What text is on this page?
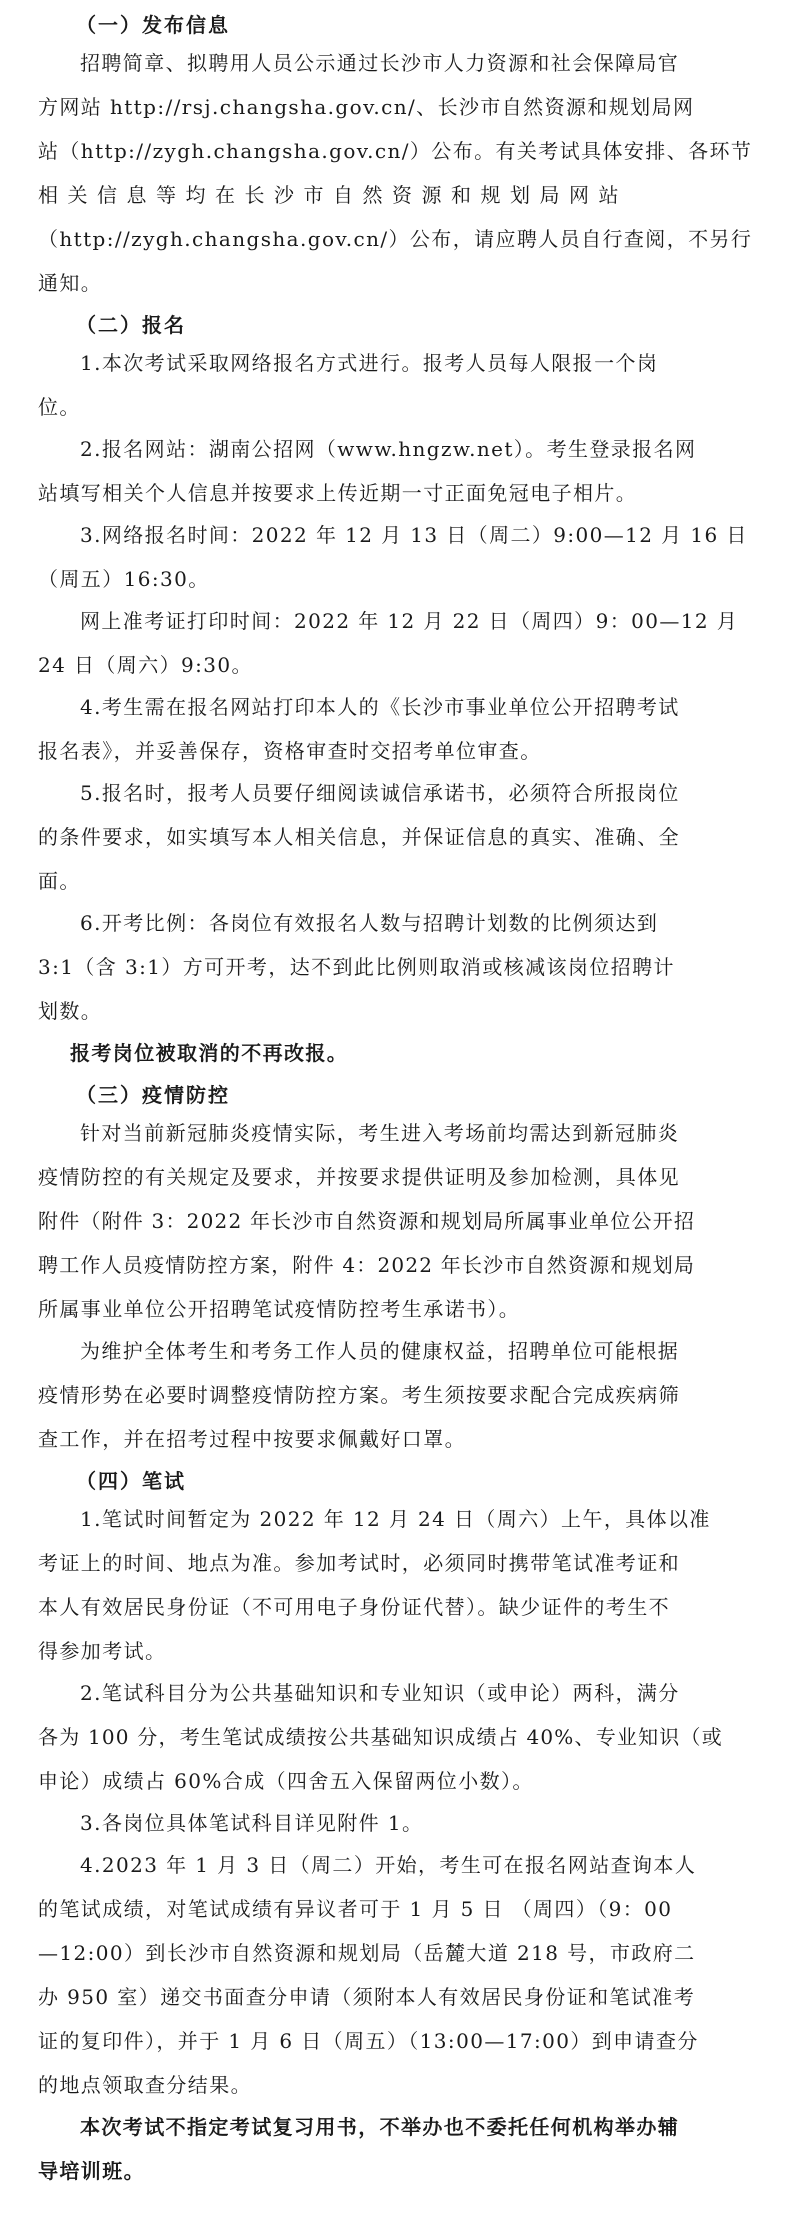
（一）发布信息
招聘简章、拟聘用人员公示通过长沙市人力资源和社会保障局官
方网站 http://rsj.changsha.gov.cn/、长沙市自然资源和规划局网
站（http://zygh.changsha.gov.cn/）公布。有关考试具体安排、各环节
相关信息等均在长沙市自然资源和规划局网站
（http://zygh.changsha.gov.cn/）公布，请应聘人员自行查阅，不另行
通知。
（二）报名
1.本次考试采取网络报名方式进行。报考人员每人限报一个岗
位。
2.报名网站：湖南公招网（www.hngzw.net）。考生登录报名网
站填写相关个人信息并按要求上传近期一寸正面免冠电子相片。
3.网络报名时间：2022 年 12 月 13 日（周二）9:00—12 月 16 日
（周五）16:30。
网上准考证打印时间：2022 年 12 月 22 日（周四）9：00—12 月
24 日（周六）9:30。
4.考生需在报名网站打印本人的《长沙市事业单位公开招聘考试
报名表》，并妥善保存，资格审查时交招考单位审查。
5.报名时，报考人员要仔细阅读诚信承诺书，必须符合所报岗位
的条件要求，如实填写本人相关信息，并保证信息的真实、准确、全
面。
6.开考比例：各岗位有效报名人数与招聘计划数的比例须达到
3:1（含 3:1）方可开考，达不到此比例则取消或核减该岗位招聘计
划数。
报考岗位被取消的不再改报。
（三）疫情防控
针对当前新冠肺炎疫情实际，考生进入考场前均需达到新冠肺炎
疫情防控的有关规定及要求，并按要求提供证明及参加检测，具体见
附件（附件 3：2022 年长沙市自然资源和规划局所属事业单位公开招
聘工作人员疫情防控方案，附件 4：2022 年长沙市自然资源和规划局
所属事业单位公开招聘笔试疫情防控考生承诺书）。
为维护全体考生和考务工作人员的健康权益，招聘单位可能根据
疫情形势在必要时调整疫情防控方案。考生须按要求配合完成疾病筛
查工作，并在招考过程中按要求佩戴好口罩。
（四）笔试
1.笔试时间暂定为 2022 年 12 月 24 日（周六）上午，具体以准
考证上的时间、地点为准。参加考试时，必须同时携带笔试准考证和
本人有效居民身份证（不可用电子身份证代替）。缺少证件的考生不
得参加考试。
2.笔试科目分为公共基础知识和专业知识（或申论）两科，满分
各为 100 分，考生笔试成绩按公共基础知识成绩占 40%、专业知识（或
申论）成绩占 60%合成（四舍五入保留两位小数）。
3.各岗位具体笔试科目详见附件 1。
4.2023 年 1 月 3 日（周二）开始，考生可在报名网站查询本人
的笔试成绩，对笔试成绩有异议者可于 1 月 5 日 （周四）（9：00
—12:00）到长沙市自然资源和规划局（岳麓大道 218 号，市政府二
办 950 室）递交书面查分申请（须附本人有效居民身份证和笔试准考
证的复印件），并于 1 月 6 日（周五）（13:00—17:00）到申请查分
的地点领取查分结果。
本次考试不指定考试复习用书，不举办也不委托任何机构举办辅
导培训班。
